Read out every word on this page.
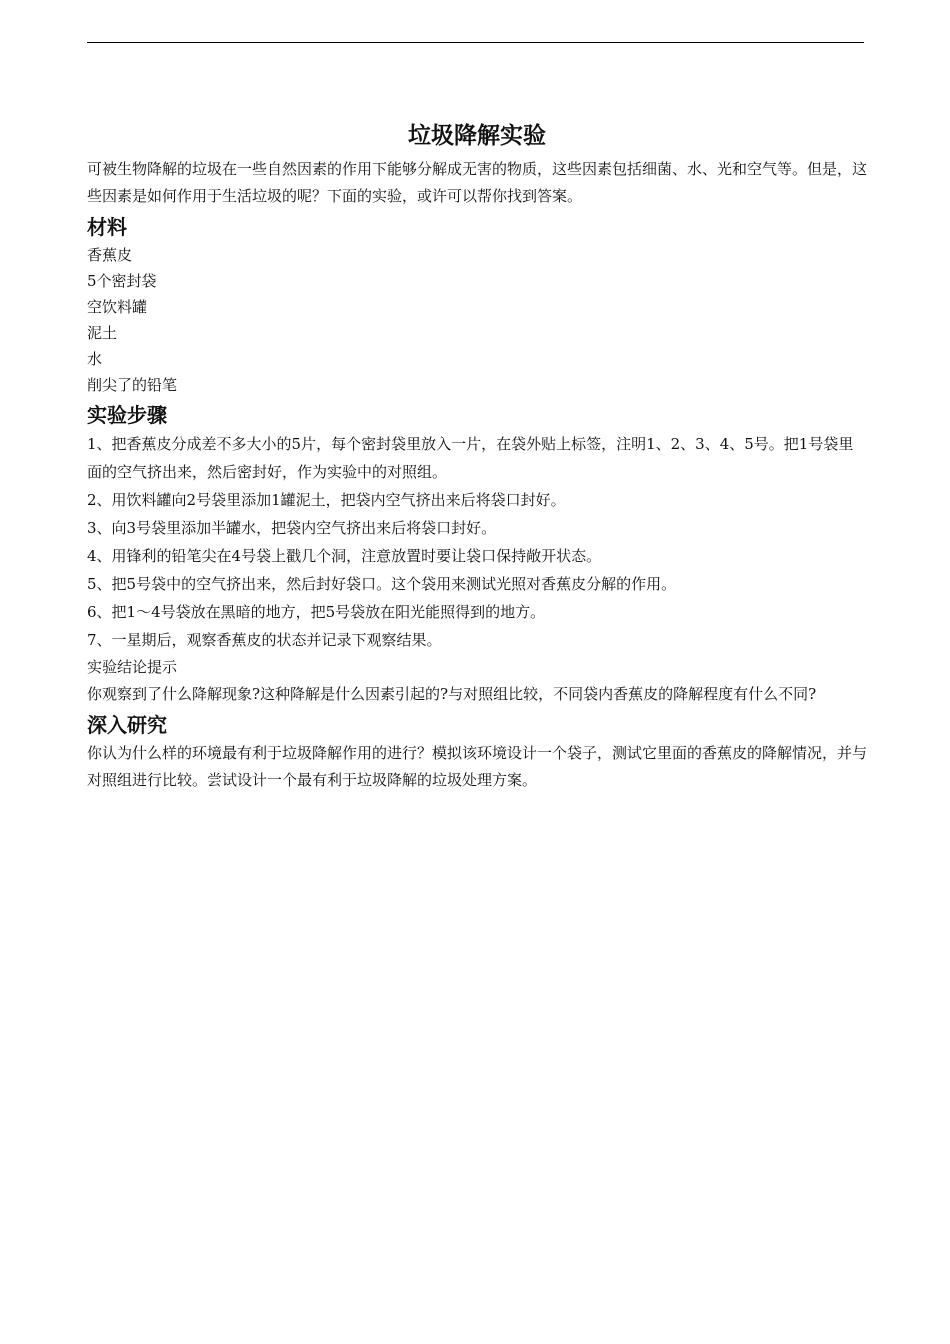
垃圾降解实验

可被生物降解的垃圾在一些自然因素的作用下能够分解成无害的物质，这些因素包括细菌、水、光和空气等。但是，这些因素是如何作用于生活垃圾的呢？下面的实验，或许可以帮你找到答案。

材料

香蕉皮

5个密封袋

空饮料罐

泥土

水

削尖了的铅笔

实验步骤

1、把香蕉皮分成差不多大小的5片，每个密封袋里放入一片，在袋外贴上标签，注明1、2、3、4、5号。把1号袋里面的空气挤出来，然后密封好，作为实验中的对照组。

2、用饮料罐向2号袋里添加1罐泥土，把袋内空气挤出来后将袋口封好。

3、向3号袋里添加半罐水，把袋内空气挤出来后将袋口封好。

4、用锋利的铅笔尖在4号袋上戳几个洞，注意放置时要让袋口保持敞开状态。

5、把5号袋中的空气挤出来，然后封好袋口。这个袋用来测试光照对香蕉皮分解的作用。

6、把1～4号袋放在黑暗的地方，把5号袋放在阳光能照得到的地方。

7、一星期后，观察香蕉皮的状态并记录下观察结果。

实验结论提示

你观察到了什么降解现象?这种降解是什么因素引起的?与对照组比较，不同袋内香蕉皮的降解程度有什么不同?

深入研究

你认为什么样的环境最有利于垃圾降解作用的进行？模拟该环境设计一个袋子，测试它里面的香蕉皮的降解情况，并与对照组进行比较。尝试设计一个最有利于垃圾降解的垃圾处理方案。
